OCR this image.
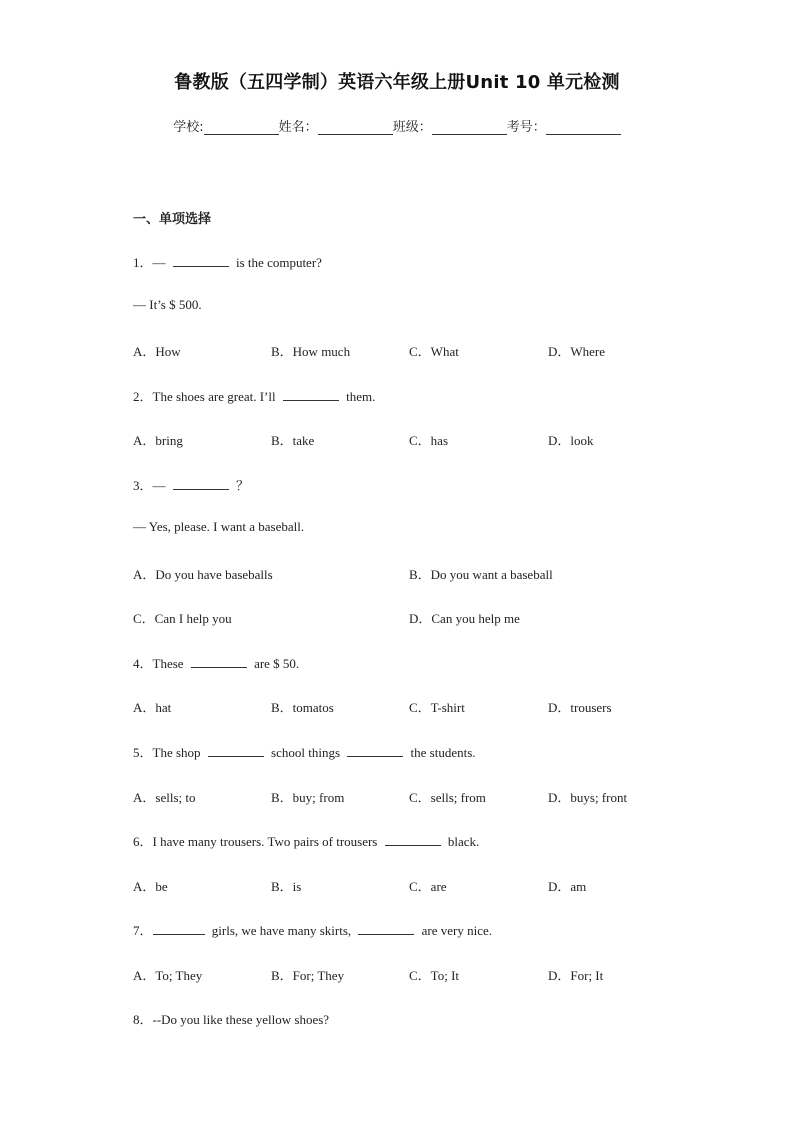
鲁教版（五四学制）英语六年级上册Unit 10 单元检测
学校:	姓名：	班级：	考号：
一、单项选择
1．—	is the computer?
— It’s $ 500.
A．How	B．How much	C．What	D．Where
2．The shoes are great. I’ll	them.
A．bring	B．take	C．has	D．look
3．—	？
— Yes, please. I want a baseball.
A．Do you have baseballs	B．Do you want a baseball
C．Can I help you	D．Can you help me
4．These	are $ 50.
A．hat	B．tomatos	C．T-shirt	D．trousers
5．The shop	school things	the students.
A．sells; to	B．buy; from	C．sells; from	D．buys; front
6．I have many trousers. Two pairs of trousers	black.
A．be	B．is	C．are	D．am
7．	girls, we have many skirts,	are very nice.
A．To; They	B．For; They	C．To; It	D．For; It
8．--Do you like these yellow shoes?
